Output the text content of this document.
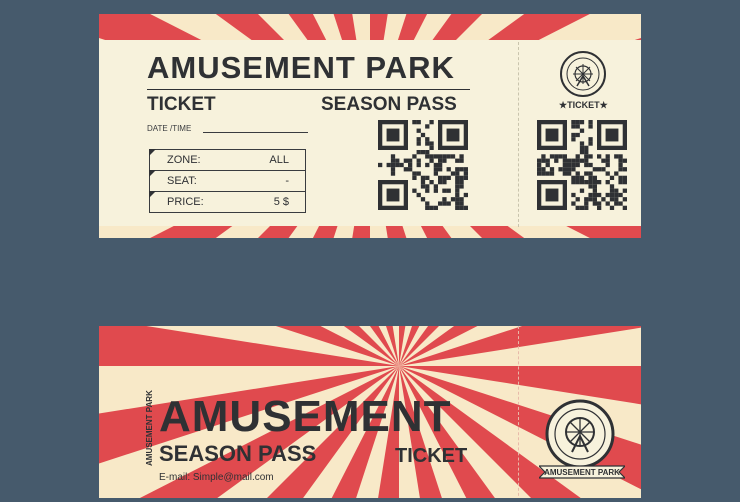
AMUSEMENT PARK
TICKET	SEASON PASS
DATE /TIME
ZONE:	ALL
SEAT:	-
PRICE:	5 $
★TICKET★
AMUSEMENT PARK AMUSEMENT
SEASON PASS	TICKET
E-mail: Simple@mail.com	AMUSEMENT PARK
